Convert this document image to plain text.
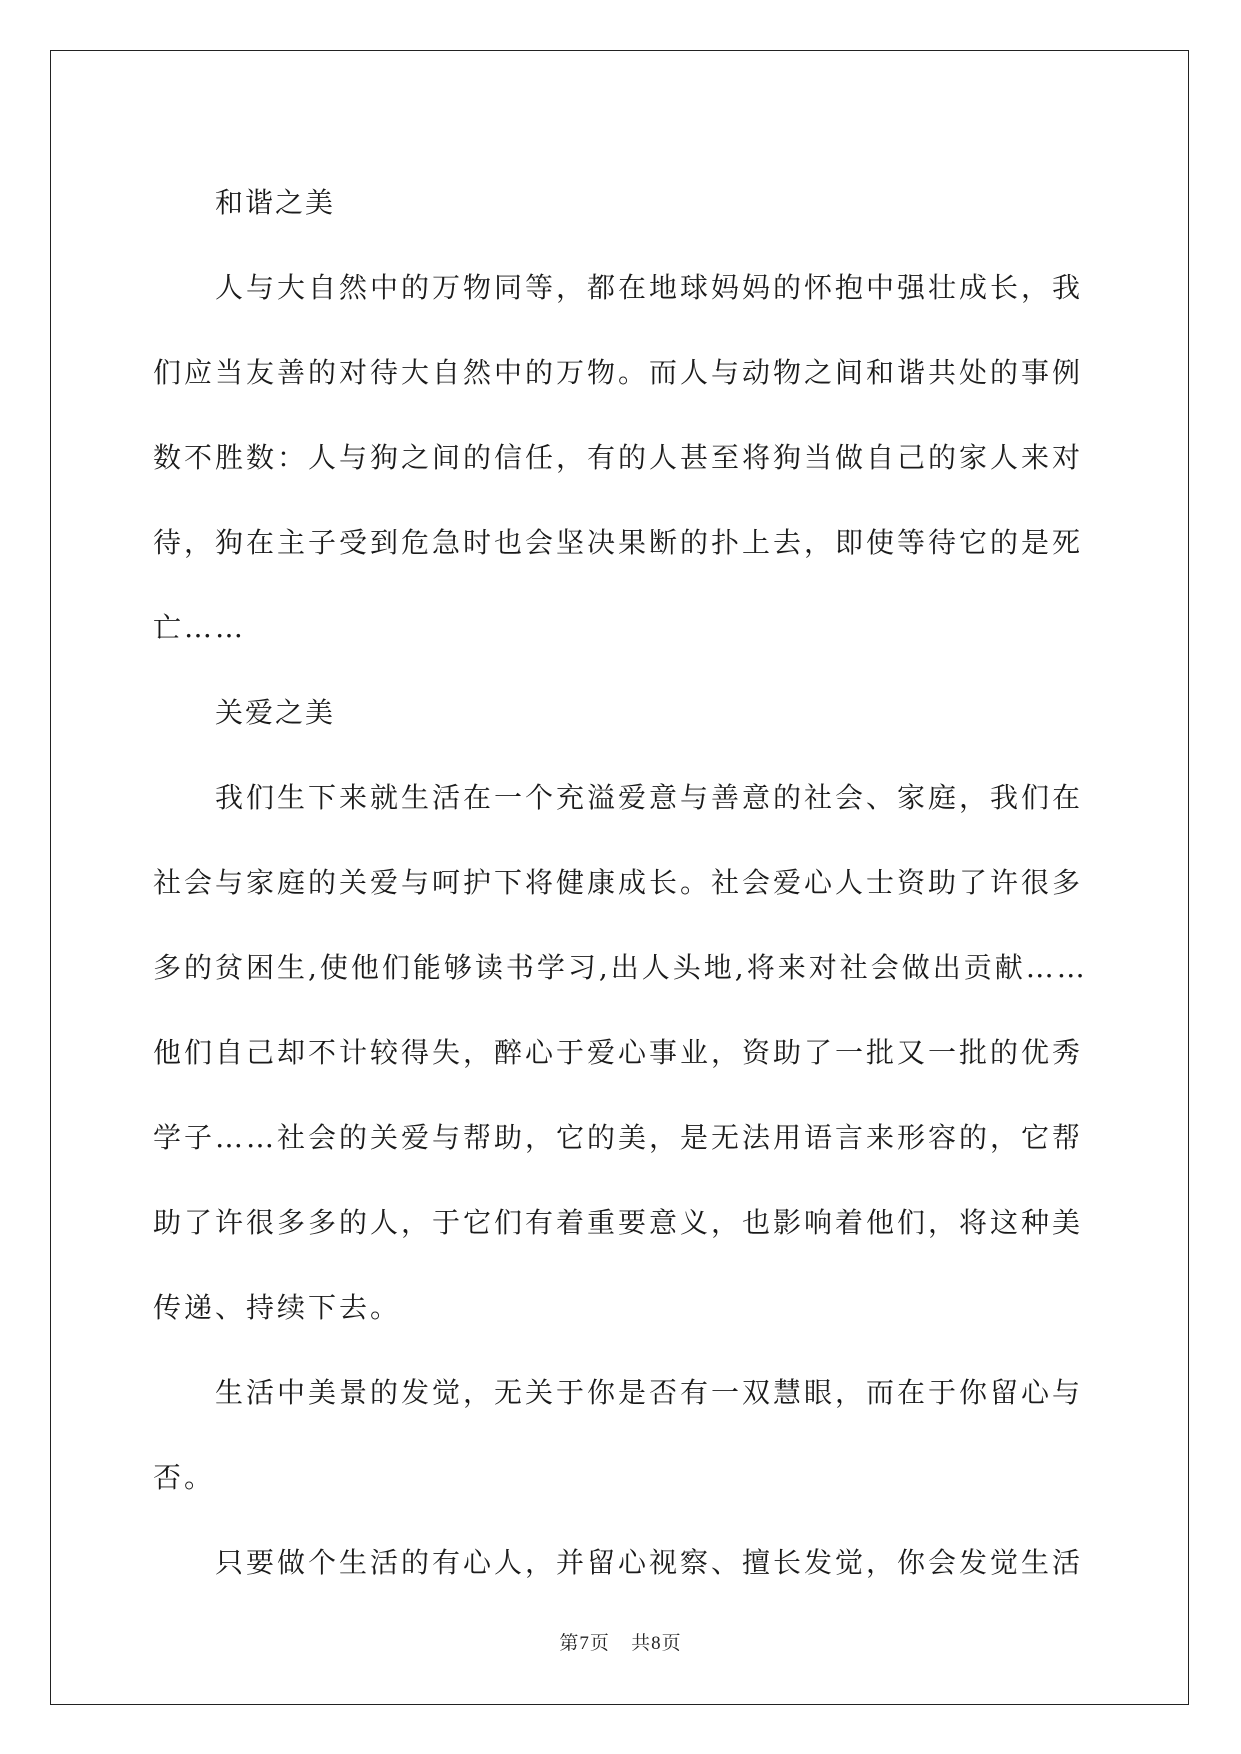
和谐之美

人与大自然中的万物同等，都在地球妈妈的怀抱中强壮成长，我
们应当友善的对待大自然中的万物。而人与动物之间和谐共处的事例
数不胜数：人与狗之间的信任，有的人甚至将狗当做自己的家人来对
待，狗在主子受到危急时也会坚决果断的扑上去，即使等待它的是死
亡……

关爱之美

我们生下来就生活在一个充溢爱意与善意的社会、家庭，我们在
社会与家庭的关爱与呵护下将健康成长。社会爱心人士资助了许很多
多的贫困生,使他们能够读书学习,出人头地,将来对社会做出贡献……
他们自己却不计较得失，醉心于爱心事业，资助了一批又一批的优秀
学子……社会的关爱与帮助，它的美，是无法用语言来形容的，它帮
助了许很多多的人，于它们有着重要意义，也影响着他们，将这种美
传递、持续下去。
生活中美景的发觉，无关于你是否有一双慧眼，而在于你留心与
否。
只要做个生活的有心人，并留心视察、擅长发觉，你会发觉生活
第7页 共8页
